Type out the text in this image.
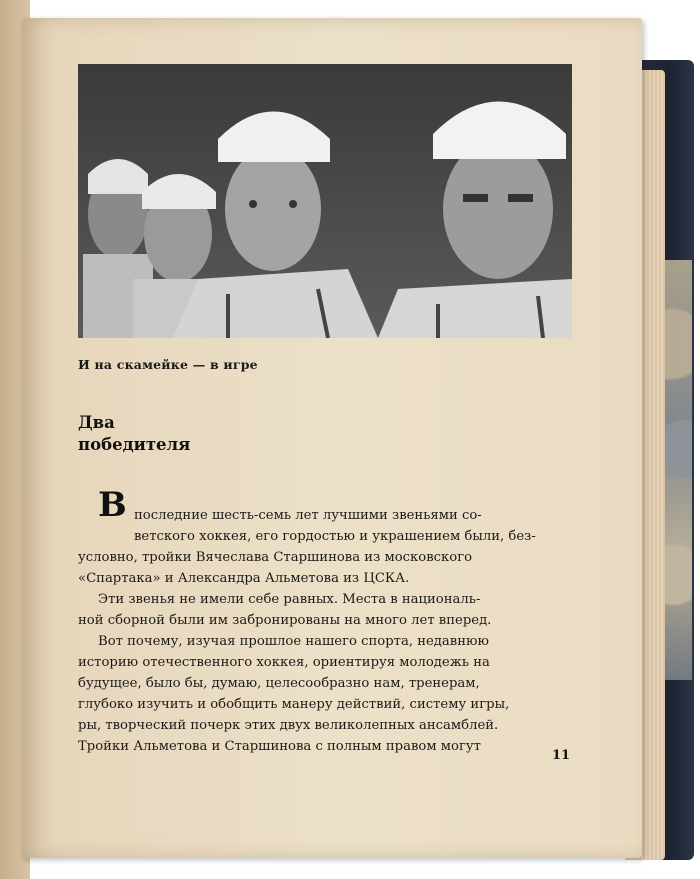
И на скамейке — в игре
Два
победителя
В последние шесть-семь лет лучшими звеньями со-
ветского хоккея, его гордостью и украшением были, без-
условно, тройки Вячеслава Старшинова из московского
«Спартака» и Александра Альметова из ЦСКА.
Эти звенья не имели себе равных. Места в националь-
ной сборной были им забронированы на много лет вперед.
Вот почему, изучая прошлое нашего спорта, недавнюю
историю отечественного хоккея, ориентируя молодежь на
будущее, было бы, думаю, целесообразно нам, тренерам,
глубоко изучить и обобщить манеру действий, систему игры,
ры, творческий почерк этих двух великолепных ансамблей.
Тройки Альметова и Старшинова с полным правом могут
11
